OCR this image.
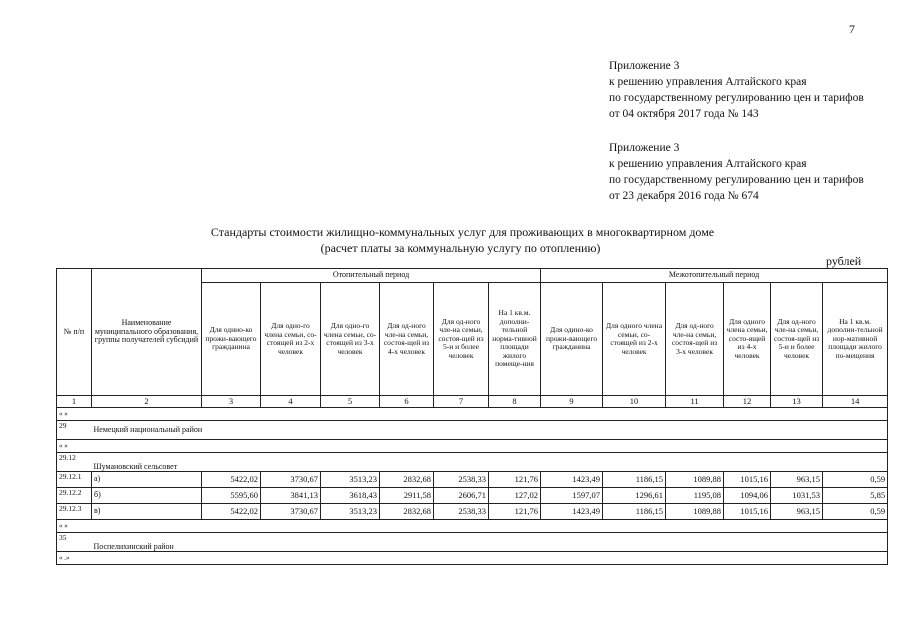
7
Приложение 3
к решению управления Алтайского края
по государственному регулированию цен и тарифов
от 04 октября 2017 года № 143
Приложение 3
к решению управления Алтайского края
по государственному регулированию цен и тарифов
от 23 декабря 2016 года № 674
Стандарты стоимости жилищно-коммунальных услуг для проживающих в многоквартирном доме
(расчет платы за коммунальную услугу по отоплению)
рублей
№ п/п	Наименование муниципального образования, группы получателей субсидий	Отопительный период						Межотопительный период					
		Для одино-ко прожи-вающего гражданина	Для одно-го члена семьи, со-стоящей из 2-х человек	Для одно-го члена семьи, со-стоящей из 3-х человек	Для од-ного чле-на семьи, состоя-щей из 4-х человек	Для од-ного чле-на семьи, состоя-щей из 5-и и более человек	На 1 кв.м. дополни-тельной норма-тивной площади жилого помеще-ния	Для одино-ко прожи-вающего гражданина	Для одного члена семьи, со-стоящей из 2-х человек	Для од-ного чле-на семьи, состоя-щей из 3-х человек	Для одного члена семьи, состо-ящей из 4-х человек	Для од-ного чле-на семьи, состоя-щей из 5-и и более человек	На 1 кв.м. дополни-тельной нор-мативной площади жилого по-мещения
1	2	3	4	5	6	7	8	9	10	11	12	13	14
« »													
29	Немецкий национальный район												
« »													
29.12	Шумановский сельсовет												
29.12.1	а)	5422,02	3730,67	3513,23	2832,68	2538,33	121,76	1423,49	1186,15	1089,88	1015,16	963,15	0,59
29.12.2	б)	5595,60	3841,13	3618,43	2911,58	2606,71	127,02	1597,07	1296,61	1195,08	1094,06	1031,53	5,85
29.12.3	в)	5422,02	3730,67	3513,23	2832,68	2538,33	121,76	1423,49	1186,15	1089,88	1015,16	963,15	0,59
« »													
35	Поспелихинский район												
« .»													
